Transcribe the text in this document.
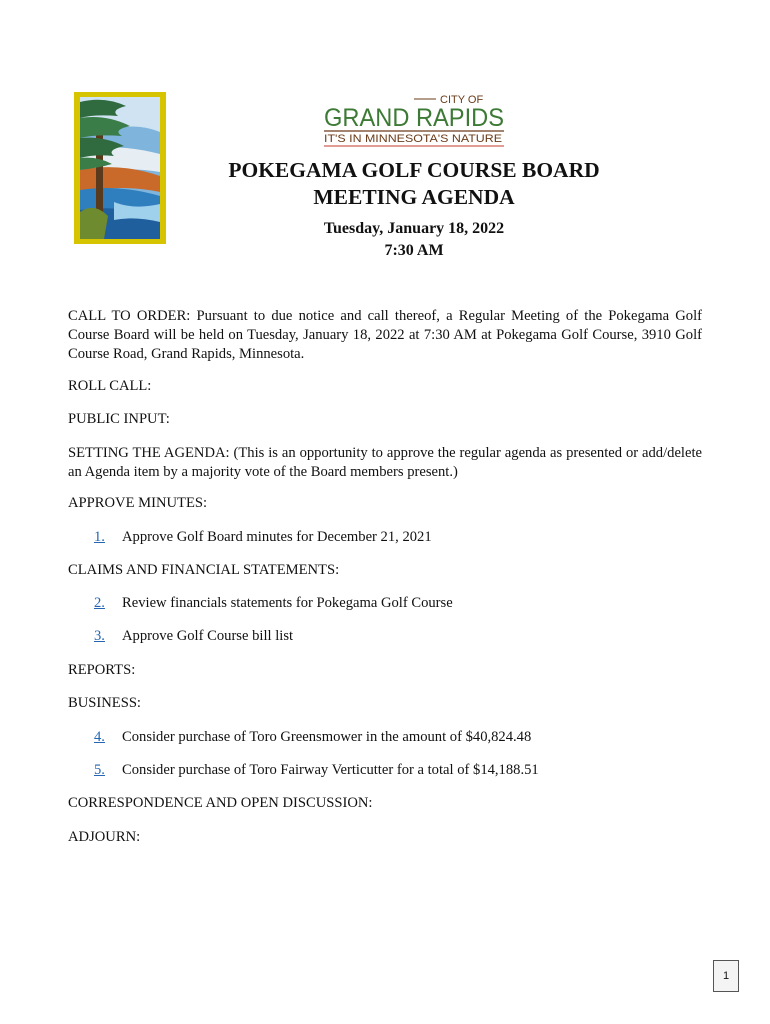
CITY OF
GRAND RAPIDS
IT'S IN MINNESOTA'S NATURE
POKEGAMA GOLF COURSE BOARD
MEETING AGENDA
Tuesday, January 18, 2022
7:30 AM
CALL TO ORDER: Pursuant to due notice and call thereof, a Regular Meeting of the Pokegama Golf Course Board will be held on Tuesday, January 18, 2022 at 7:30 AM at Pokegama Golf Course, 3910 Golf Course Road, Grand Rapids, Minnesota.
ROLL CALL:
PUBLIC INPUT:
SETTING THE AGENDA: (This is an opportunity to approve the regular agenda as presented or add/delete an Agenda item by a majority vote of the Board members present.)
APPROVE MINUTES:
1. Approve Golf Board minutes for December 21, 2021
CLAIMS AND FINANCIAL STATEMENTS:
2. Review financials statements for Pokegama Golf Course
3. Approve Golf Course bill list
REPORTS:
BUSINESS:
4. Consider purchase of Toro Greensmower in the amount of $40,824.48
5. Consider purchase of Toro Fairway Verticutter for a total of $14,188.51
CORRESPONDENCE AND OPEN DISCUSSION:
ADJOURN:
1
